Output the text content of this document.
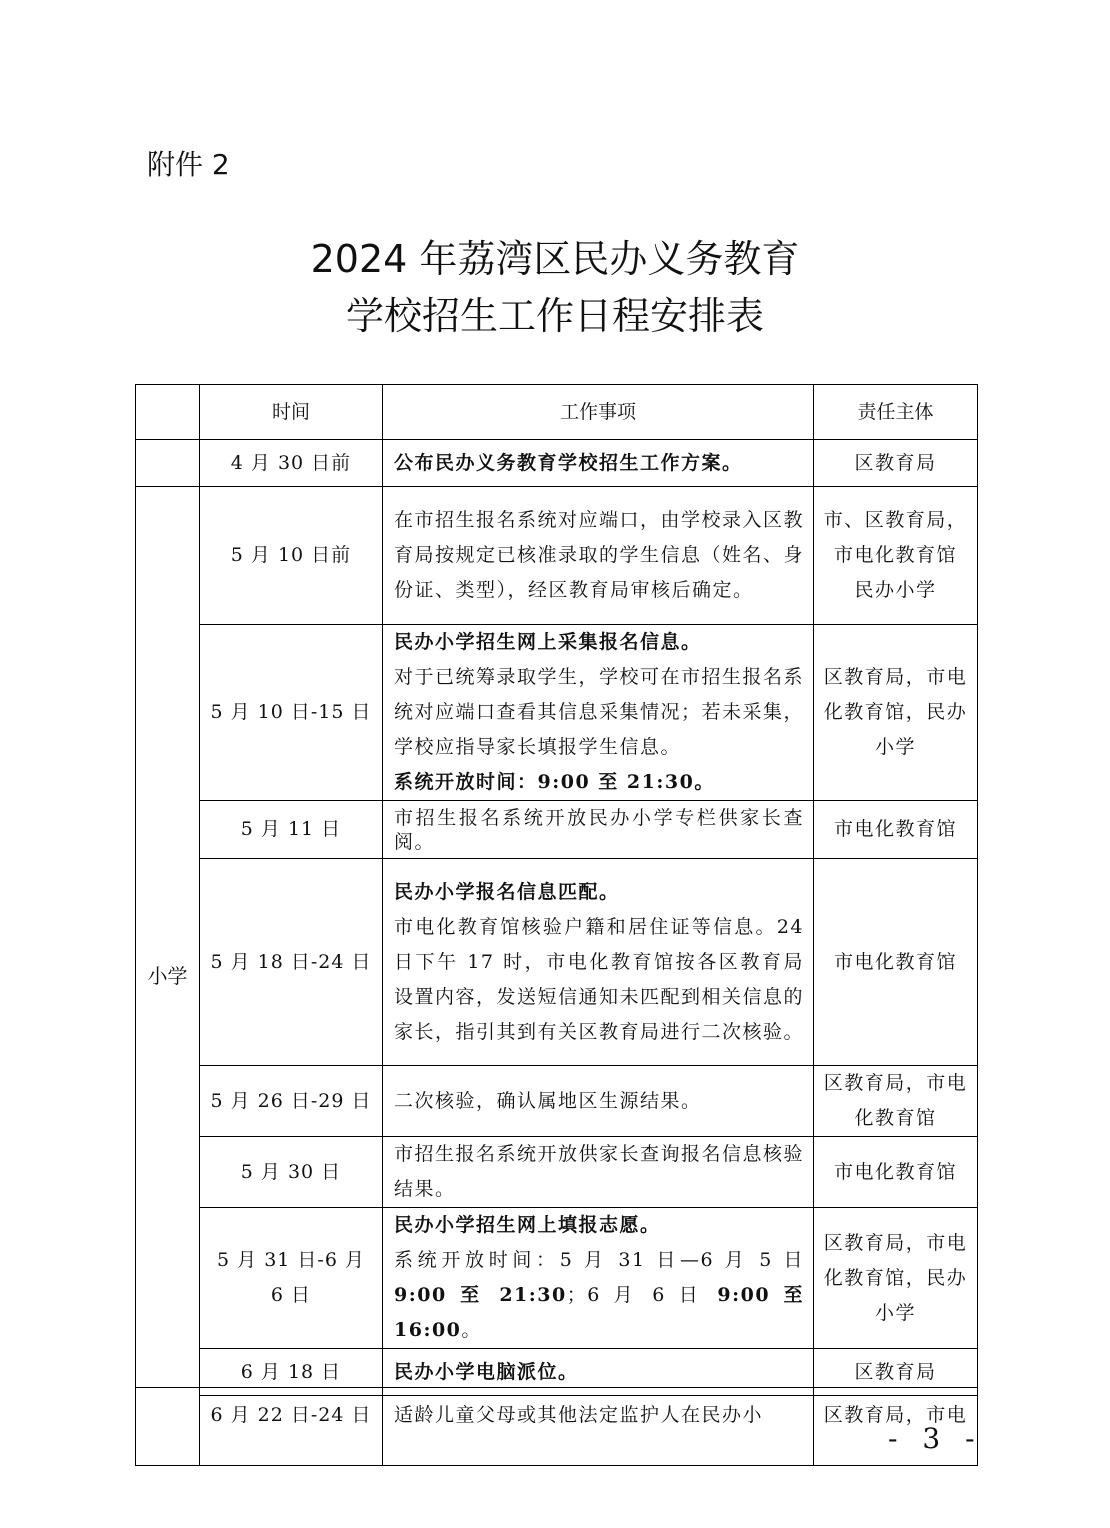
附件 2
2024 年荔湾区民办义务教育
学校招生工作日程安排表
	时间	工作事项	责任主体
	4 月 30 日前	公布民办义务教育学校招生工作方案。	区教育局
小学	5 月 10 日前	在市招生报名系统对应端口，由学校录入区教育局按规定已核准录取的学生信息（姓名、身份证、类型），经区教育局审核后确定。	市、区教育局，
市电化教育馆
民办小学

	5 月 10 日-15 日	民办小学招生网上采集报名信息。
对于已统筹录取学生，学校可在市招生报名系统对应端口查看其信息采集情况；若未采集，学校应指导家长填报学生信息。
系统开放时间：9:00 至 21:30。	区教育局，市电化教育馆，民办小学
	5 月 11 日	市招生报名系统开放民办小学专栏供家长查阅。	市电化教育馆
	5 月 18 日-24 日	民办小学报名信息匹配。
市电化教育馆核验户籍和居住证等信息。24 日下午 17 时，市电化教育馆按各区教育局设置内容，发送短信通知未匹配到相关信息的家长，指引其到有关区教育局进行二次核验。	市电化教育馆
	5 月 26 日-29 日	二次核验，确认属地区生源结果。	区教育局，市电化教育馆
	5 月 30 日	市招生报名系统开放供家长查询报名信息核验结果。	市电化教育馆
	5 月 31 日-6 月 6 日	民办小学招生网上填报志愿。
系统开放时间：5 月 31 日—6 月 5 日 9:00 至 21:30；6 月 6 日 9:00 至 16:00。	区教育局，市电化教育馆，民办小学
	6 月 18 日	民办小学电脑派位。	区教育局
	6 月 22 日-24 日	适龄儿童父母或其他法定监护人在民办小	区教育局，市电
- 3 -
